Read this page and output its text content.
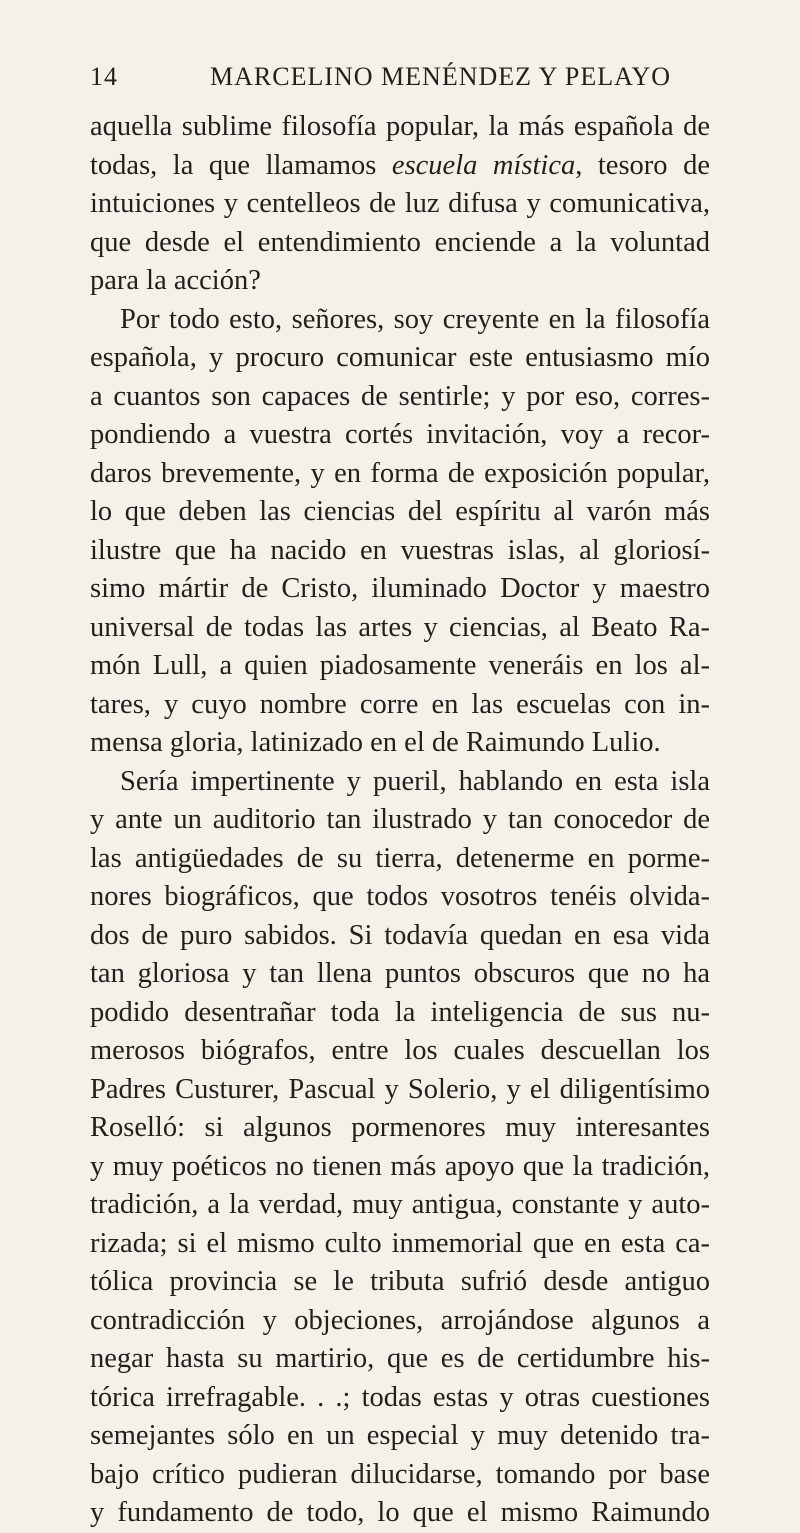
14	MARCELINO MENÉNDEZ Y PELAYO
aquella sublime filosofía popular, la más española de
todas, la que llamamos escuela mística, tesoro de
intuiciones y centelleos de luz difusa y comunicativa,
que desde el entendimiento enciende a la voluntad
para la acción?
Por todo esto, señores, soy creyente en la filosofía
española, y procuro comunicar este entusiasmo mío
a cuantos son capaces de sentirle; y por eso, corres-
pondiendo a vuestra cortés invitación, voy a recor-
daros brevemente, y en forma de exposición popular,
lo que deben las ciencias del espíritu al varón más
ilustre que ha nacido en vuestras islas, al gloriosí-
simo mártir de Cristo, iluminado Doctor y maestro
universal de todas las artes y ciencias, al Beato Ra-
món Lull, a quien piadosamente veneráis en los al-
tares, y cuyo nombre corre en las escuelas con in-
mensa gloria, latinizado en el de Raimundo Lulio.
Sería impertinente y pueril, hablando en esta isla
y ante un auditorio tan ilustrado y tan conocedor de
las antigüedades de su tierra, detenerme en porme-
nores biográficos, que todos vosotros tenéis olvida-
dos de puro sabidos. Si todavía quedan en esa vida
tan gloriosa y tan llena puntos obscuros que no ha
podido desentrañar toda la inteligencia de sus nu-
merosos biógrafos, entre los cuales descuellan los
Padres Custurer, Pascual y Solerio, y el diligentísimo
Roselló: si algunos pormenores muy interesantes
y muy poéticos no tienen más apoyo que la tradición,
tradición, a la verdad, muy antigua, constante y auto-
rizada; si el mismo culto inmemorial que en esta ca-
tólica provincia se le tributa sufrió desde antiguo
contradicción y objeciones, arrojándose algunos a
negar hasta su martirio, que es de certidumbre his-
tórica irrefragable. . .; todas estas y otras cuestiones
semejantes sólo en un especial y muy detenido tra-
bajo crítico pudieran dilucidarse, tomando por base
y fundamento de todo, lo que el mismo Raimundo
